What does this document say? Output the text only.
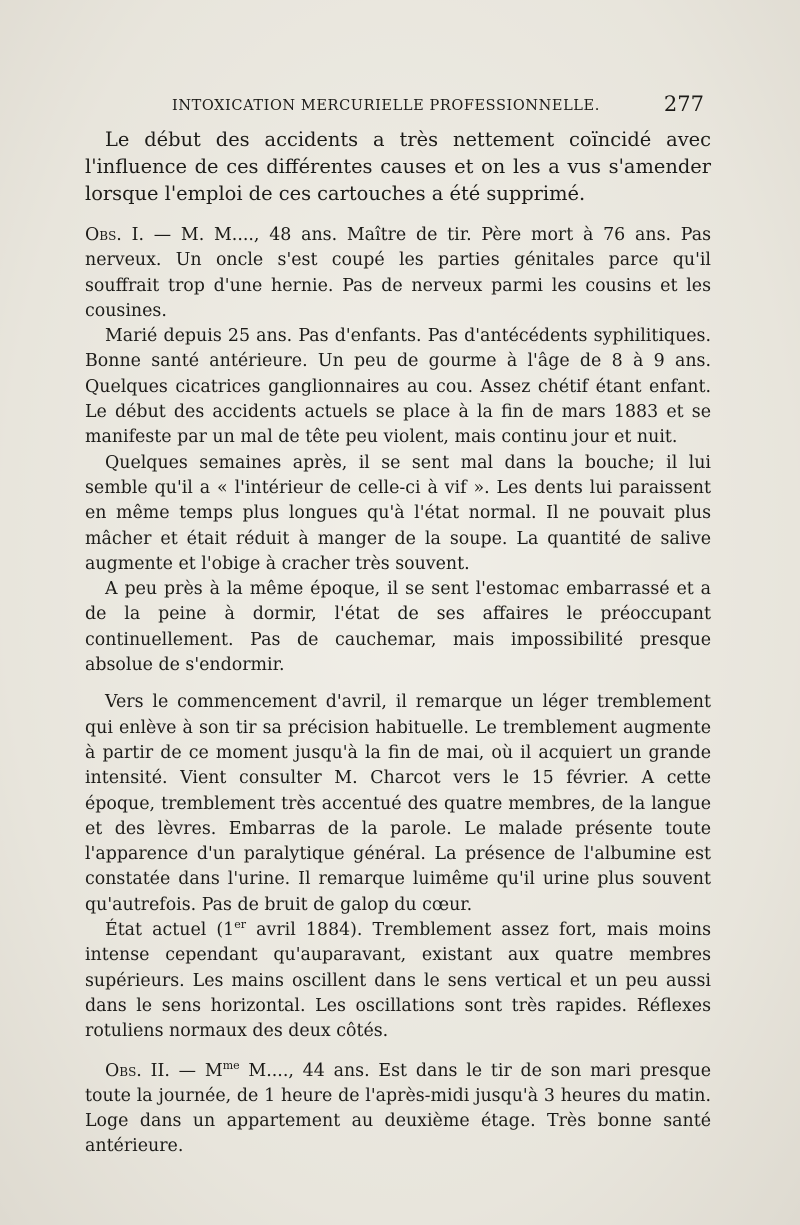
INTOXICATION MERCURIELLE PROFESSIONNELLE.	277

Le début des accidents a très nettement coïncidé avec l'influence de ces différentes causes et on les a vus s'amender lorsque l'emploi de ces cartouches a été supprimé.

Obs. I. — M. M...., 48 ans. Maître de tir. Père mort à 76 ans. Pas nerveux. Un oncle s'est coupé les parties génitales parce qu'il souffrait trop d'une hernie. Pas de nerveux parmi les cousins et les cousines.

Marié depuis 25 ans. Pas d'enfants. Pas d'antécédents syphilitiques. Bonne santé antérieure. Un peu de gourme à l'âge de 8 à 9 ans. Quelques cicatrices ganglionnaires au cou. Assez chétif étant enfant. Le début des accidents actuels se place à la fin de mars 1883 et se manifeste par un mal de tête peu violent, mais continu jour et nuit.

Quelques semaines après, il se sent mal dans la bouche; il lui semble qu'il a « l'intérieur de celle-ci à vif ». Les dents lui paraissent en même temps plus longues qu'à l'état normal. Il ne pouvait plus mâcher et était réduit à manger de la soupe. La quantité de salive augmente et l'obige à cracher très souvent.

A peu près à la même époque, il se sent l'estomac embarrassé et a de la peine à dormir, l'état de ses affaires le préoccupant continuellement. Pas de cauchemar, mais impossibilité presque absolue de s'endormir.

Vers le commencement d'avril, il remarque un léger tremblement qui enlève à son tir sa précision habituelle. Le tremblement augmente à partir de ce moment jusqu'à la fin de mai, où il acquiert un grande intensité. Vient consulter M. Charcot vers le 15 février. A cette époque, tremblement très accentué des quatre membres, de la langue et des lèvres. Embarras de la parole. Le malade présente toute l'apparence d'un paralytique général. La présence de l'albumine est constatée dans l'urine. Il remarque luimême qu'il urine plus souvent qu'autrefois. Pas de bruit de galop du cœur.

État actuel (1er avril 1884). Tremblement assez fort, mais moins intense cependant qu'auparavant, existant aux quatre membres supérieurs. Les mains oscillent dans le sens vertical et un peu aussi dans le sens horizontal. Les oscillations sont très rapides. Réflexes rotuliens normaux des deux côtés.

Obs. II. — $M^{me}$ M...., 44 ans. Est dans le tir de son mari presque toute la journée, de 1 heure de l'après-midi jusqu'à 3 heures du matin. Loge dans un appartement au deuxième étage. Très bonne santé antérieure.
